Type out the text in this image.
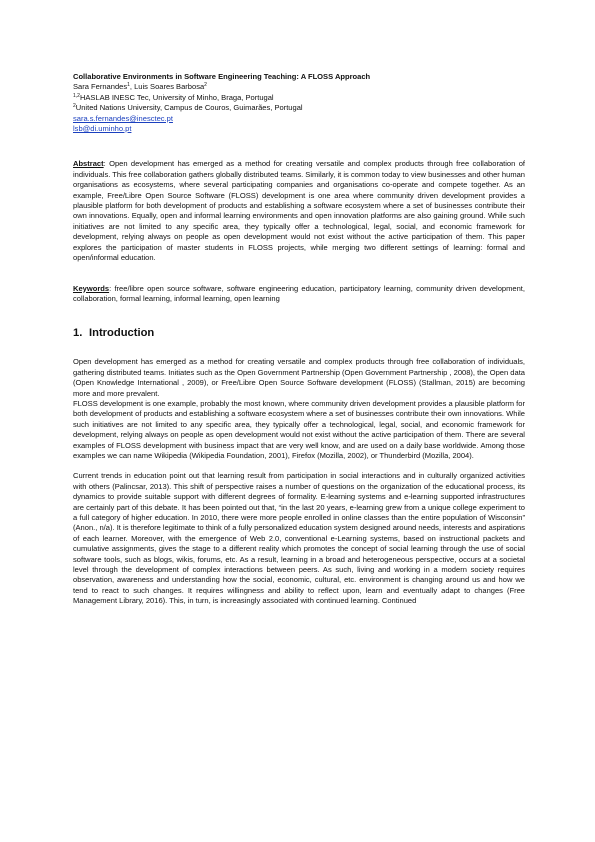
Collaborative Environments in Software Engineering Teaching: A FLOSS Approach

Sara Fernandes$^1$, Luis Soares Barbosa$^2$

$^{1,2}$HASLAB INESC Tec, University of Minho, Braga, Portugal

$^2$United Nations University, Campus de Couros, Guimarães, Portugal

sara.s.fernandes@inesctec.pt

lsb@di.uminho.pt

Abstract: Open development has emerged as a method for creating versatile and complex products through free collaboration of individuals. This free collaboration gathers globally distributed teams. Similarly, it is common today to view businesses and other human organisations as ecosystems, where several participating companies and organisations co-operate and compete together. As an example, Free/Libre Open Source Software (FLOSS) development is one area where community driven development provides a plausible platform for both development of products and establishing a software ecosystem where a set of businesses contribute their own innovations. Equally, open and informal learning environments and open innovation platforms are also gaining ground. While such initiatives are not limited to any specific area, they typically offer a technological, legal, social, and economic framework for development, relying always on people as open development would not exist without the active participation of them. This paper explores the participation of master students in FLOSS projects, while merging two different settings of learning: formal and open/informal education.

Keywords: free/libre open source software, software engineering education, participatory learning, community driven development, collaboration, formal learning, informal learning, open learning

1. Introduction

Open development has emerged as a method for creating versatile and complex products through free collaboration of individuals, gathering distributed teams. Initiates such as the Open Government Partnership (Open Government Partnership , 2008), the Open data (Open Knowledge International , 2009), or Free/Libre Open Source Software development (FLOSS) (Stallman, 2015) are becoming more and more prevalent.

FLOSS development is one example, probably the most known, where community driven development provides a plausible platform for both development of products and establishing a software ecosystem where a set of businesses contribute their own innovations. While such initiatives are not limited to any specific area, they typically offer a technological, legal, social, and economic framework for development, relying always on people as open development would not exist without the active participation of them. There are several examples of FLOSS development with business impact that are very well know, and are used on a daily base worldwide. Among those examples we can name Wikipedia (Wikipedia Foundation, 2001), Firefox (Mozilla, 2002), or Thunderbird (Mozilla, 2004).

Current trends in education point out that learning result from participation in social interactions and in culturally organized activities with others (Palincsar, 2013). This shift of perspective raises a number of questions on the organization of the educational process, its dynamics to provide suitable support with different degrees of formality. E-learning systems and e-learning supported infrastructures are certainly part of this debate. It has been pointed out that, “in the last 20 years, e-learning grew from a unique college experiment to a full category of higher education. In 2010, there were more people enrolled in online classes than the entire population of Wisconsin” (Anon., n/a). It is therefore legitimate to think of a fully personalized education system designed around needs, interests and aspirations of each learner. Moreover, with the emergence of Web 2.0, conventional e-Learning systems, based on instructional packets and cumulative assignments, gives the stage to a different reality which promotes the concept of social learning through the use of social software tools, such as blogs, wikis, forums, etc. As a result, learning in a broad and heterogeneous perspective, occurs at a societal level through the development of complex interactions between peers. As such, living and working in a modern society requires observation, awareness and understanding how the social, economic, cultural, etc. environment is changing around us and how we tend to react to such changes. It requires willingness and ability to reflect upon, learn and eventually adapt to changes (Free Management Library, 2016). This, in turn, is increasingly associated with continued learning. Continued
